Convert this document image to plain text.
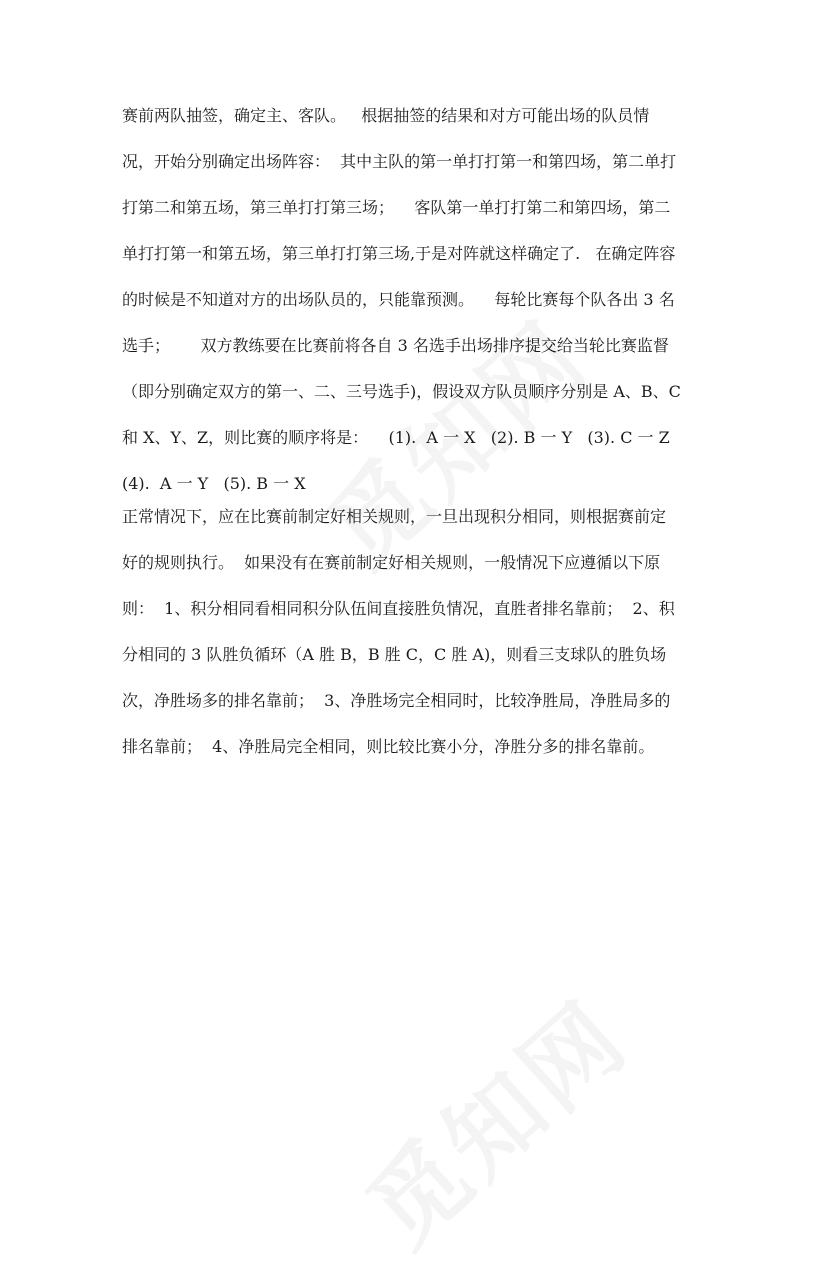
赛前两队抽签，确定主、客队。   根据抽签的结果和对方可能出场的队员情
况，开始分别确定出场阵容：  其中主队的第一单打打第一和第四场，第二单打
打第二和第五场，第三单打打第三场；    客队第一单打打第二和第四场，第二
单打打第一和第五场，第三单打打第三场,于是对阵就这样确定了.   在确定阵容
的时候是不知道对方的出场队员的，只能靠预测。    每轮比赛每个队各出 3 名
选手；      双方教练要在比赛前将各自 3 名选手出场排序提交给当轮比赛监督
（即分别确定双方的第一、二、三号选手)，假设双方队员顺序分别是 A、B、C
和 X、Y、Z，则比赛的顺序将是：    (1).  A 一 X   (2). B 一 Y   (3). C 一 Z
(4).  A 一 Y   (5). B 一 X
正常情况下，应在比赛前制定好相关规则，一旦出现积分相同，则根据赛前定
好的规则执行。  如果没有在赛前制定好相关规则，一般情况下应遵循以下原
则：  1、积分相同看相同积分队伍间直接胜负情况，直胜者排名靠前；  2、积
分相同的 3 队胜负循环（A 胜 B，B 胜 C，C 胜 A)，则看三支球队的胜负场
次，净胜场多的排名靠前；  3、净胜场完全相同时，比较净胜局，净胜局多的
排名靠前；  4、净胜局完全相同，则比较比赛小分，净胜分多的排名靠前。
